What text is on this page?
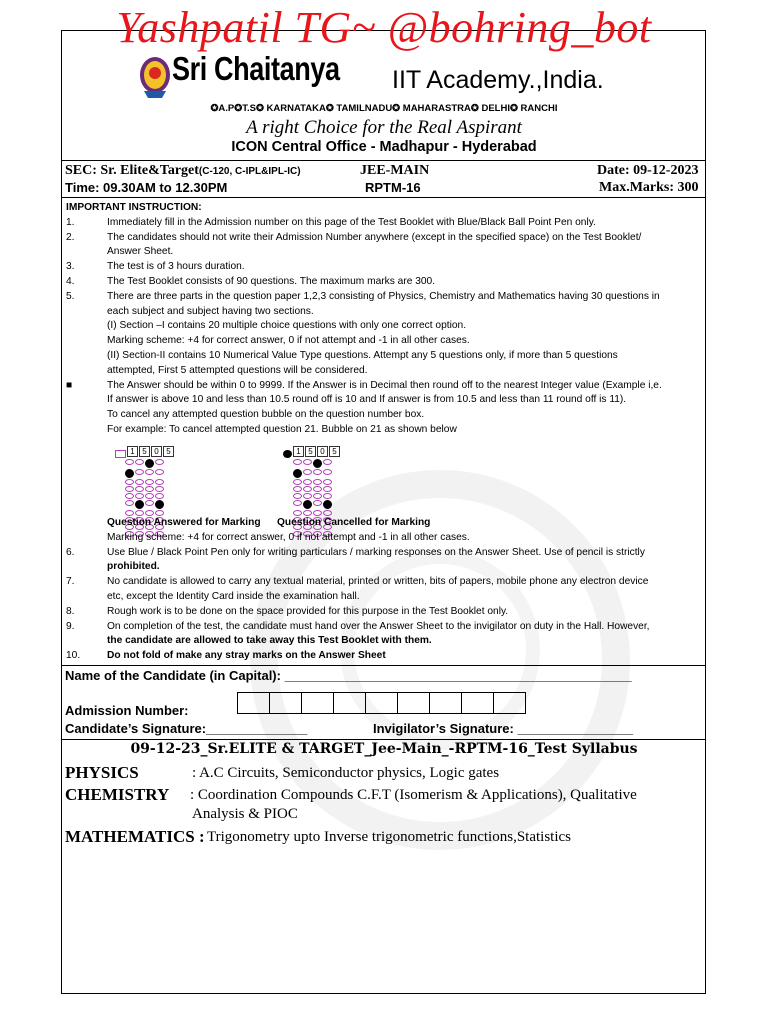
Yashpatil TG~ @bohring_bot
Sri Chaitanya IIT Academy.,India.
✪A.P✪T.S✪ KARNATAKA✪ TAMILNADU✪ MAHARASTRA✪ DELHI✪ RANCHI
A right Choice for the Real Aspirant
ICON Central Office - Madhapur - Hyderabad
SEC: Sr. Elite&Target(C-120, C-IPL&IPL-IC)	JEE-MAIN	Date: 09-12-2023
Time: 09.30AM to 12.30PM	RPTM-16	Max.Marks: 300
IMPORTANT INSTRUCTION:
1.	Immediately fill in the Admission number on this page of the Test Booklet with Blue/Black Ball Point Pen only.
2.	The candidates should not write their Admission Number anywhere (except in the specified space) on the Test Booklet/
Answer Sheet.
3.	The test is of 3 hours duration.
4.	The Test Booklet consists of 90 questions. The maximum marks are 300.
5.	There are three parts in the question paper 1,2,3 consisting of Physics, Chemistry and Mathematics having 30 questions in
each subject and subject having two sections.
(I) Section –I contains 20 multiple choice questions with only one correct option.
Marking scheme: +4 for correct answer, 0 if not attempt and -1 in all other cases.
(II) Section-II contains 10 Numerical Value Type questions. Attempt any 5 questions only, if more than 5 questions
attempted, First 5 attempted questions will be considered.
■	The Answer should be within 0 to 9999. If the Answer is in Decimal then round off to the nearest Integer value (Example i,e.
If answer is above 10 and less than 10.5 round off is 10 and If answer is from 10.5 and less than 11 round off is 11).
To cancel any attempted question bubble on the question number box.
For example: To cancel attempted question 21. Bubble on 21 as shown below
1 5 0 5	1 5 0 5
Question Answered for Marking Question Cancelled for Marking
Marking scheme: +4 for correct answer, 0 if not attempt and -1 in all other cases.
6.	Use Blue / Black Point Pen only for writing particulars / marking responses on the Answer Sheet. Use of pencil is strictly
prohibited.
7.	No candidate is allowed to carry any textual material, printed or written, bits of papers, mobile phone any electron device
etc, except the Identity Card inside the examination hall.
8.	Rough work is to be done on the space provided for this purpose in the Test Booklet only.
9.	On completion of the test, the candidate must hand over the Answer Sheet to the invigilator on duty in the Hall. However,
the candidate are allowed to take away this Test Booklet with them.
10.	Do not fold of make any stray marks on the Answer Sheet
Name of the Candidate (in Capital): ________________________________________________
Admission Number:
Candidate’s Signature:______________	Invigilator’s Signature: ________________
09-12-23_Sr.ELITE & TARGET_Jee-Main_-RPTM-16_Test Syllabus
PHYSICS	: A.C Circuits, Semiconductor physics, Logic gates
CHEMISTRY : Coordination Compounds C.F.T (Isomerism & Applications), Qualitative
Analysis & PIOC
MATHEMATICS : Trigonometry upto Inverse trigonometric functions,Statistics
